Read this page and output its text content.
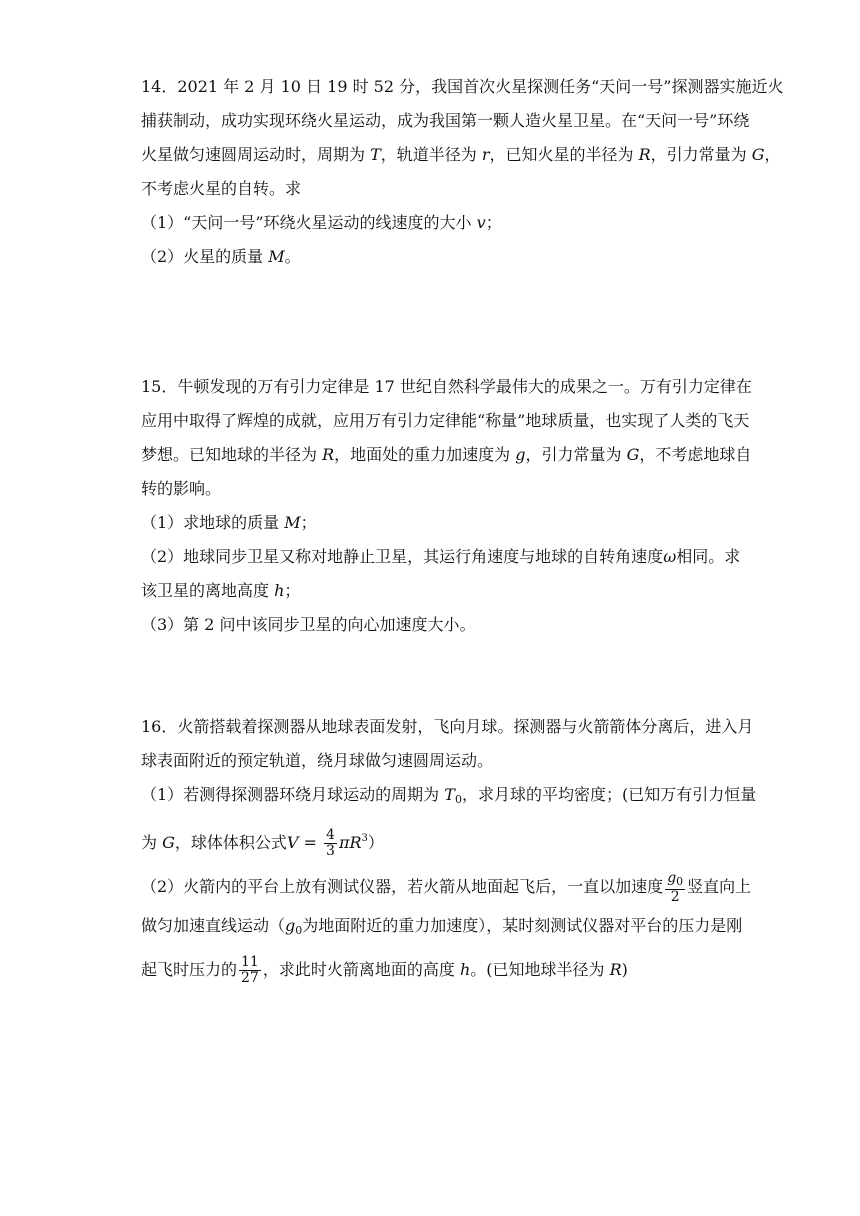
14．2021 年 2 月 10 日 19 时 52 分，我国首次火星探测任务“天问一号”探测器实施近火
捕获制动，成功实现环绕火星运动，成为我国第一颗人造火星卫星。在“天问一号”环绕
火星做匀速圆周运动时，周期为 T，轨道半径为 r，已知火星的半径为 R，引力常量为 G，
不考虑火星的自转。求
（1）“天问一号”环绕火星运动的线速度的大小 v；
（2）火星的质量 M。
15．牛顿发现的万有引力定律是 17 世纪自然科学最伟大的成果之一。万有引力定律在
应用中取得了辉煌的成就，应用万有引力定律能“称量”地球质量，也实现了人类的飞天
梦想。已知地球的半径为 R，地面处的重力加速度为 g，引力常量为 G，不考虑地球自
转的影响。
（1）求地球的质量 M；
（2）地球同步卫星又称对地静止卫星，其运行角速度与地球的自转角速度ω相同。求
该卫星的离地高度 h；
（3）第 2 问中该同步卫星的向心加速度大小。
16．火箭搭载着探测器从地球表面发射，飞向月球。探测器与火箭箭体分离后，进入月
球表面附近的预定轨道，绕月球做匀速圆周运动。
（1）若测得探测器环绕月球运动的周期为 $T_0$，求月球的平均密度；(已知万有引力恒量
为 G，球体体积公式$V = \frac{4}{3} \pi R^3$）
（2）火箭内的平台上放有测试仪器，若火箭从地面起飞后，一直以加速度 $\frac{g_0}{2}$ 竖直向上
做匀加速直线运动（$g_0$为地面附近的重力加速度），某时刻测试仪器对平台的压力是刚
起飞时压力的 $\frac{11}{27}$ ，求此时火箭离地面的高度 h。(已知地球半径为 R)
